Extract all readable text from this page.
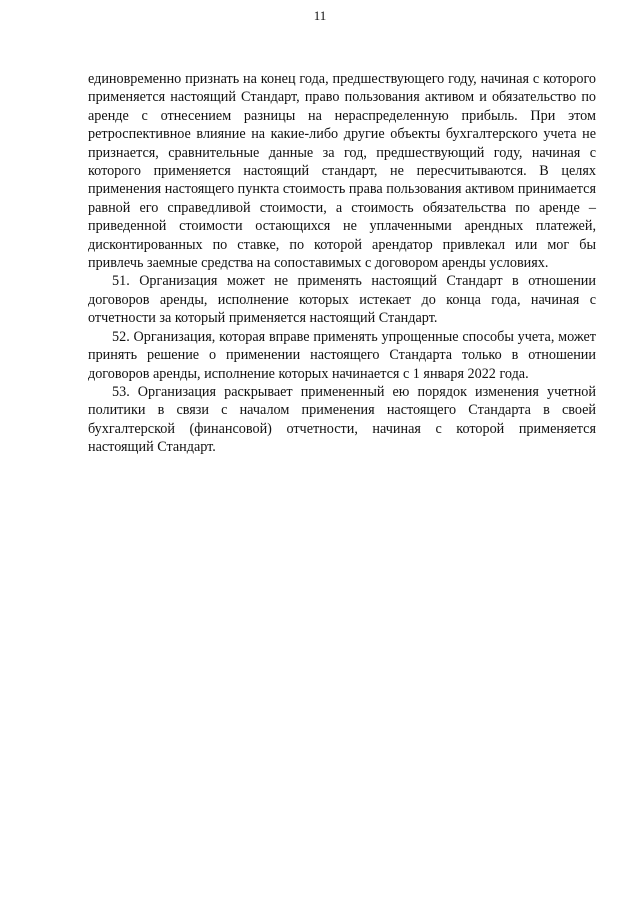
11

единовременно признать на конец года, предшествующего году, начиная с которого применяется настоящий Стандарт, право пользования активом и обязательство по аренде с отнесением разницы на нераспределенную прибыль. При этом ретроспективное влияние на какие-либо другие объекты бухгалтерского учета не признается, сравнительные данные за год, предшествующий году, начиная с которого применяется настоящий стандарт, не пересчитываются. В целях применения настоящего пункта стоимость права пользования активом принимается равной его справедливой стоимости, а стоимость обязательства по аренде – приведенной стоимости остающихся не уплаченными арендных платежей, дисконтированных по ставке, по которой арендатор привлекал или мог бы привлечь заемные средства на сопоставимых с договором аренды условиях.

51. Организация может не применять настоящий Стандарт в отношении договоров аренды, исполнение которых истекает до конца года, начиная с отчетности за который применяется настоящий Стандарт.

52. Организация, которая вправе применять упрощенные способы учета, может принять решение о применении настоящего Стандарта только в отношении договоров аренды, исполнение которых начинается с 1 января 2022 года.

53. Организация раскрывает примененный ею порядок изменения учетной политики в связи с началом применения настоящего Стандарта в своей бухгалтерской (финансовой) отчетности, начиная с которой применяется настоящий Стандарт.
